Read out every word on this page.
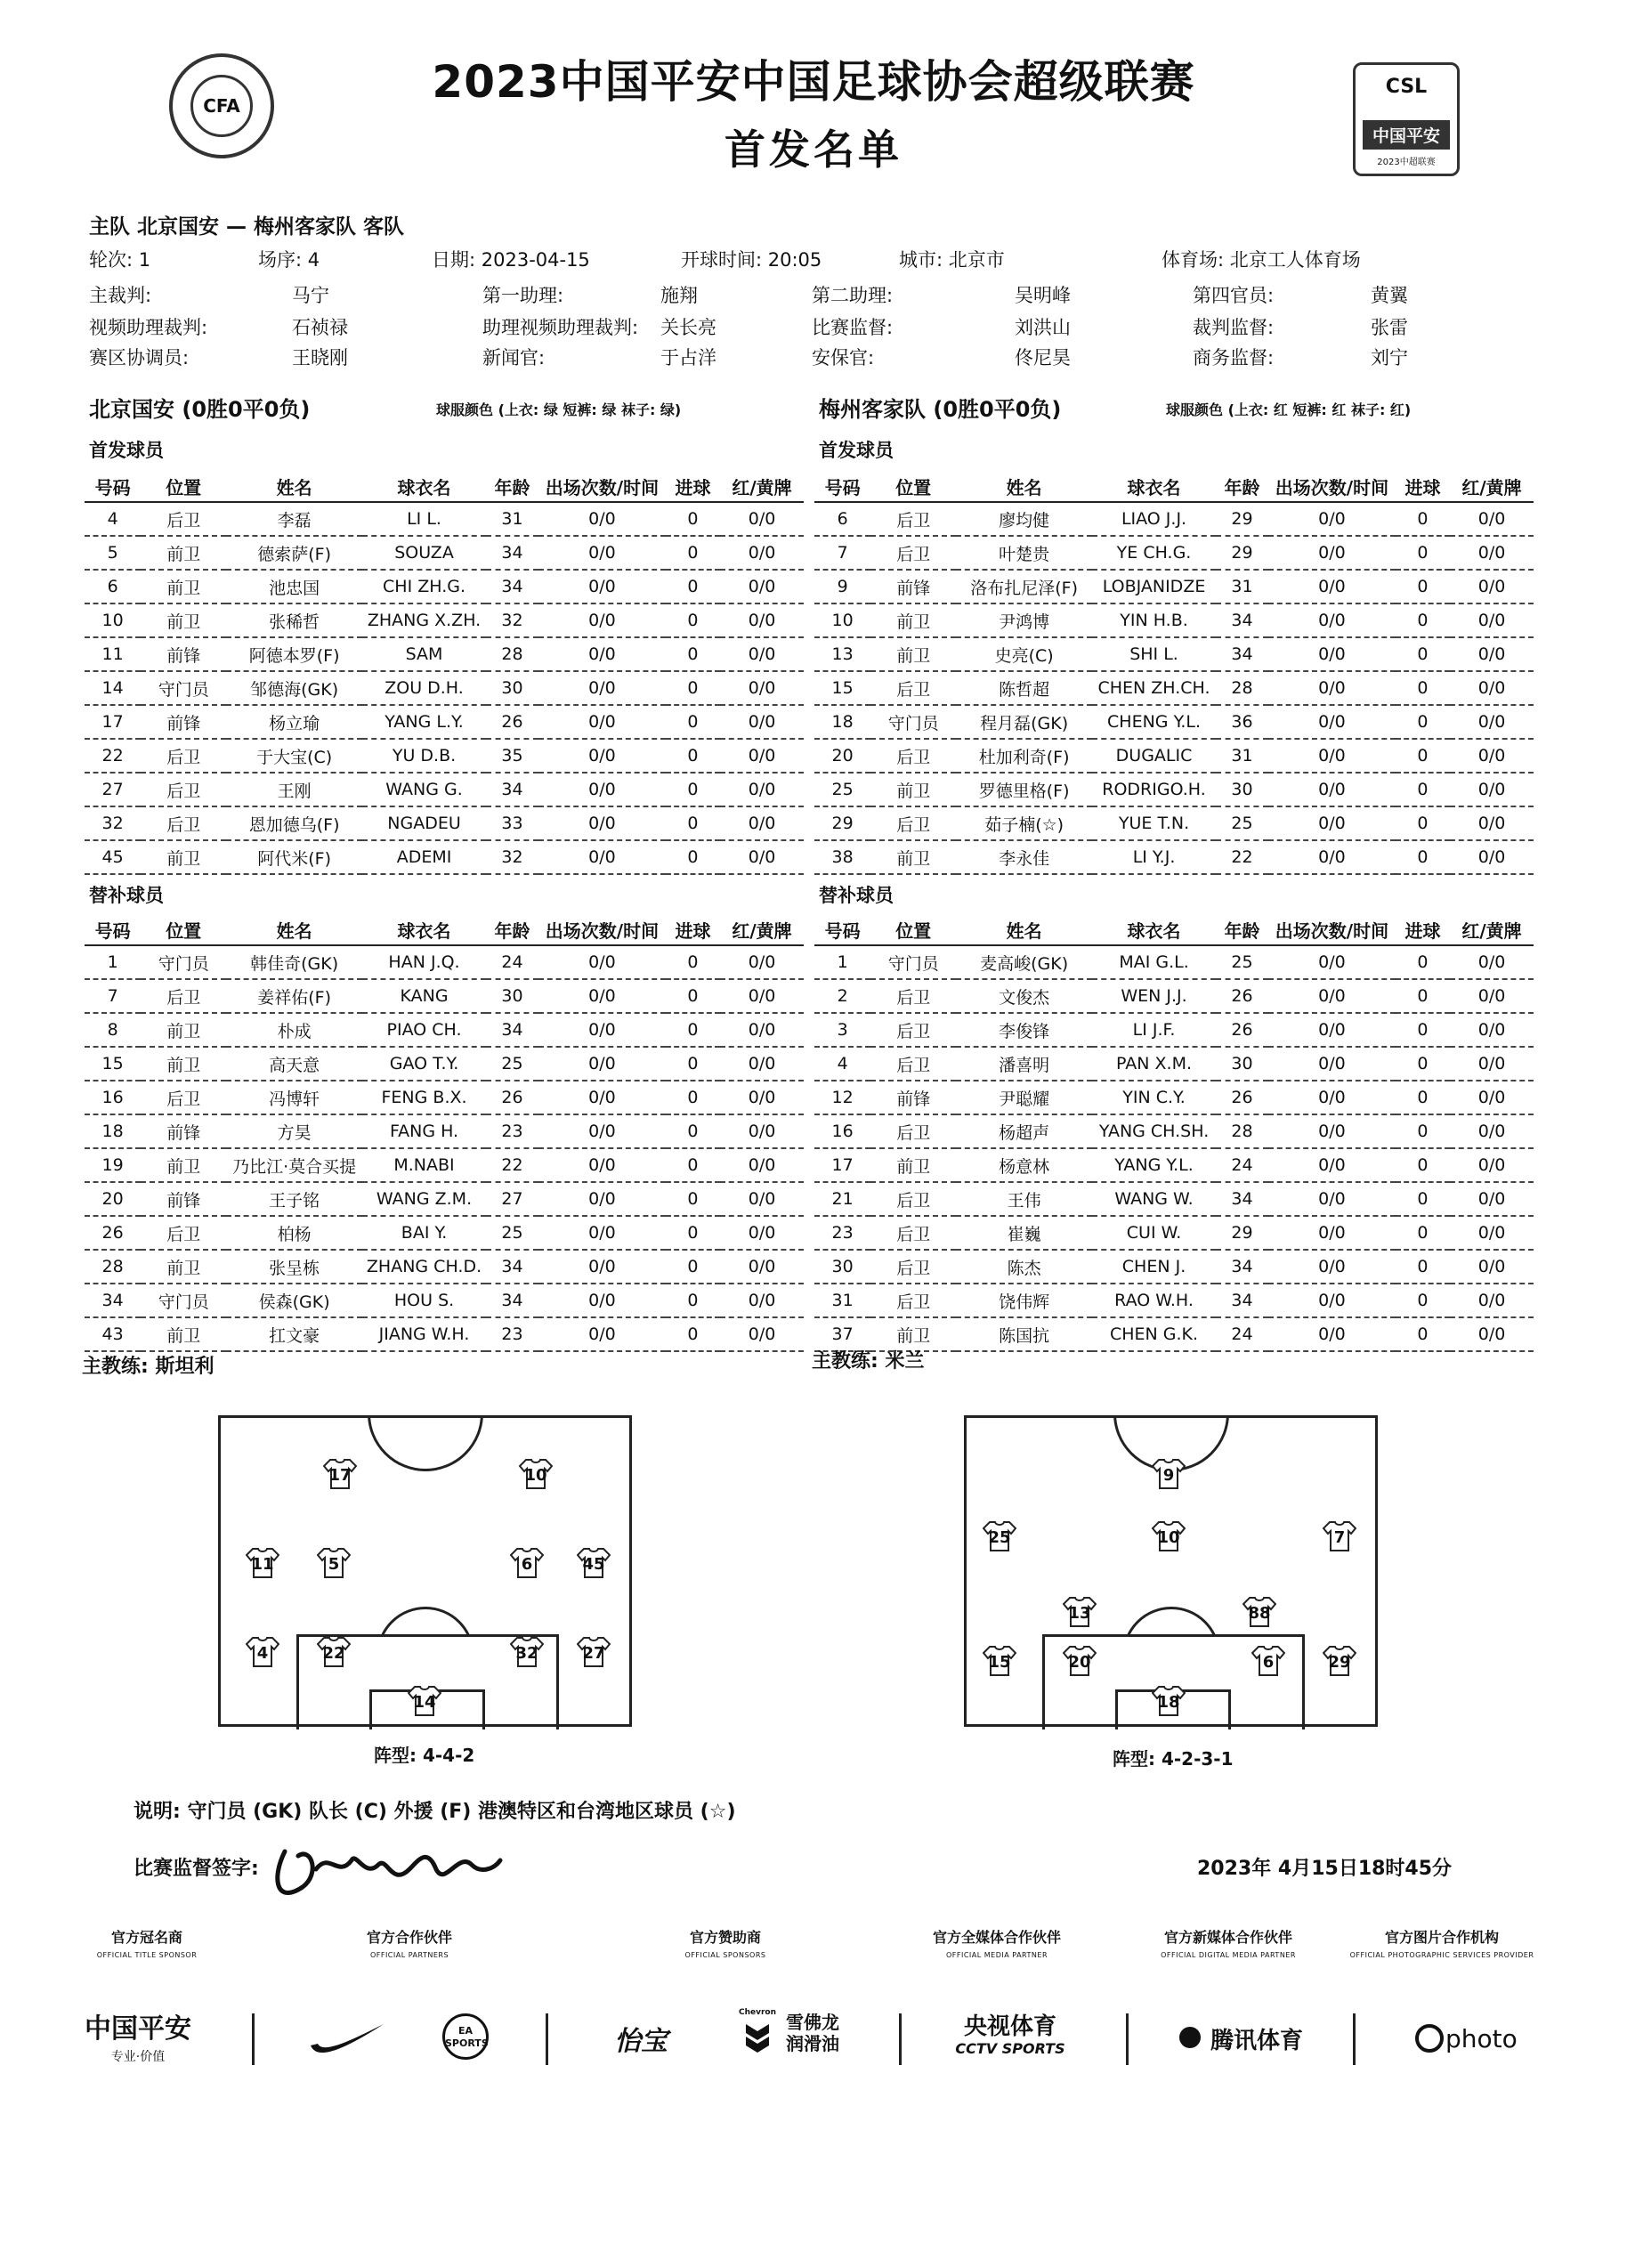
CFA	2023中国平安中国足球协会超级联赛
首发名单
CSL
中国平安
2023中超联赛
主队 北京国安 — 梅州客家队 客队
轮次: 1	场序: 4	日期: 2023-04-15	开球时间: 20:05	城市: 北京市	体育场: 北京工人体育场
主裁判:	马宁	第一助理:	施翔	第二助理:	吴明峰	第四官员:	黄翼
视频助理裁判:	石祯禄	助理视频助理裁判: 关长亮	比赛监督:	刘洪山	裁判监督:	张雷
赛区协调员:	王晓刚	新闻官:	于占洋	安保官:	佟尼昊	商务监督:	刘宁
北京国安 (0胜0平0负)	球服颜色 (上衣: 绿 短裤: 绿 袜子: 绿)	梅州客家队 (0胜0平0负)	球服颜色 (上衣: 红 短裤: 红 袜子: 红)
首发球员	首发球员
号码	位置	姓名	球衣名	年龄	出场次数/时间	进球	红/黄牌
4	后卫	李磊	LI L.	31	0/0	0	0/0
5	前卫	德索萨(F)	SOUZA	34	0/0	0	0/0
6	前卫	池忠国	CHI ZH.G.	34	0/0	0	0/0
10	前卫	张稀哲	ZHANG X.ZH.	32	0/0	0	0/0
11	前锋	阿德本罗(F)	SAM	28	0/0	0	0/0
14	守门员	邹德海(GK)	ZOU D.H.	30	0/0	0	0/0
17	前锋	杨立瑜	YANG L.Y.	26	0/0	0	0/0
22	后卫	于大宝(C)	YU D.B.	35	0/0	0	0/0
27	后卫	王刚	WANG G.	34	0/0	0	0/0
32	后卫	恩加德乌(F)	NGADEU	33	0/0	0	0/0
45	前卫	阿代米(F)	ADEMI	32	0/0	0	0/0
号码	位置	姓名	球衣名	年龄	出场次数/时间	进球	红/黄牌
6	后卫	廖均健	LIAO J.J.	29	0/0	0	0/0
7	后卫	叶楚贵	YE CH.G.	29	0/0	0	0/0
9	前锋	洛布扎尼泽(F)	LOBJANIDZE	31	0/0	0	0/0
10	前卫	尹鸿博	YIN H.B.	34	0/0	0	0/0
13	前卫	史亮(C)	SHI L.	34	0/0	0	0/0
15	后卫	陈哲超	CHEN ZH.CH.	28	0/0	0	0/0
18	守门员	程月磊(GK)	CHENG Y.L.	36	0/0	0	0/0
20	后卫	杜加利奇(F)	DUGALIC	31	0/0	0	0/0
25	前卫	罗德里格(F)	RODRIGO.H.	30	0/0	0	0/0
29	后卫	茹子楠(☆)	YUE T.N.	25	0/0	0	0/0
38	前卫	李永佳	LI Y.J.	22	0/0	0	0/0
替补球员	替补球员
号码	位置	姓名	球衣名	年龄	出场次数/时间	进球	红/黄牌
1	守门员	韩佳奇(GK)	HAN J.Q.	24	0/0	0	0/0
7	后卫	姜祥佑(F)	KANG	30	0/0	0	0/0
8	前卫	朴成	PIAO CH.	34	0/0	0	0/0
15	前卫	高天意	GAO T.Y.	25	0/0	0	0/0
16	后卫	冯博轩	FENG B.X.	26	0/0	0	0/0
18	前锋	方昊	FANG H.	23	0/0	0	0/0
19	前卫	乃比江·莫合买提	M.NABI	22	0/0	0	0/0
20	前锋	王子铭	WANG Z.M.	27	0/0	0	0/0
26	后卫	柏杨	BAI Y.	25	0/0	0	0/0
28	前卫	张呈栋	ZHANG CH.D.	34	0/0	0	0/0
34	守门员	侯森(GK)	HOU S.	34	0/0	0	0/0
43	前卫	扛文豪	JIANG W.H.	23	0/0	0	0/0
号码	位置	姓名	球衣名	年龄	出场次数/时间	进球	红/黄牌
1	守门员	麦高峻(GK)	MAI G.L.	25	0/0	0	0/0
2	后卫	文俊杰	WEN J.J.	26	0/0	0	0/0
3	后卫	李俊锋	LI J.F.	26	0/0	0	0/0
4	后卫	潘喜明	PAN X.M.	30	0/0	0	0/0
12	前锋	尹聪耀	YIN C.Y.	26	0/0	0	0/0
16	后卫	杨超声	YANG CH.SH.	28	0/0	0	0/0
17	前卫	杨意林	YANG Y.L.	24	0/0	0	0/0
21	后卫	王伟	WANG W.	34	0/0	0	0/0
23	后卫	崔巍	CUI W.	29	0/0	0	0/0
30	后卫	陈杰	CHEN J.	34	0/0	0	0/0
31	后卫	饶伟辉	RAO W.H.	34	0/0	0	0/0
37	前卫	陈国抗	CHEN G.K.	24	0/0	0	0/0
主教练: 斯坦利	主教练: 米兰
17	10
11	5	6	45
4	22	32	27
14
阵型: 4-4-2
9
25	10	7
13	88
15	20	6	29
18
阵型: 4-2-3-1
说明: 守门员 (GK) 队长 (C) 外援 (F) 港澳特区和台湾地区球员 (☆)
比赛监督签字:	2023年 4月15日18时45分
官方冠名商
OFFICIAL TITLE SPONSOR
官方合作伙伴
OFFICIAL PARTNERS
官方赞助商
OFFICIAL SPONSORS
官方全媒体合作伙伴
OFFICIAL MEDIA PARTNER
官方新媒体合作伙伴
OFFICIAL DIGITAL MEDIA PARTNER
官方图片合作机构
OFFICIAL PHOTOGRAPHIC SERVICES PROVIDER
中国平安
专业·价值
EA SPORTS	怡宝
Chevron 雪佛龙润滑油
央视体育
CCTV SPORTS	腾讯体育	photo
